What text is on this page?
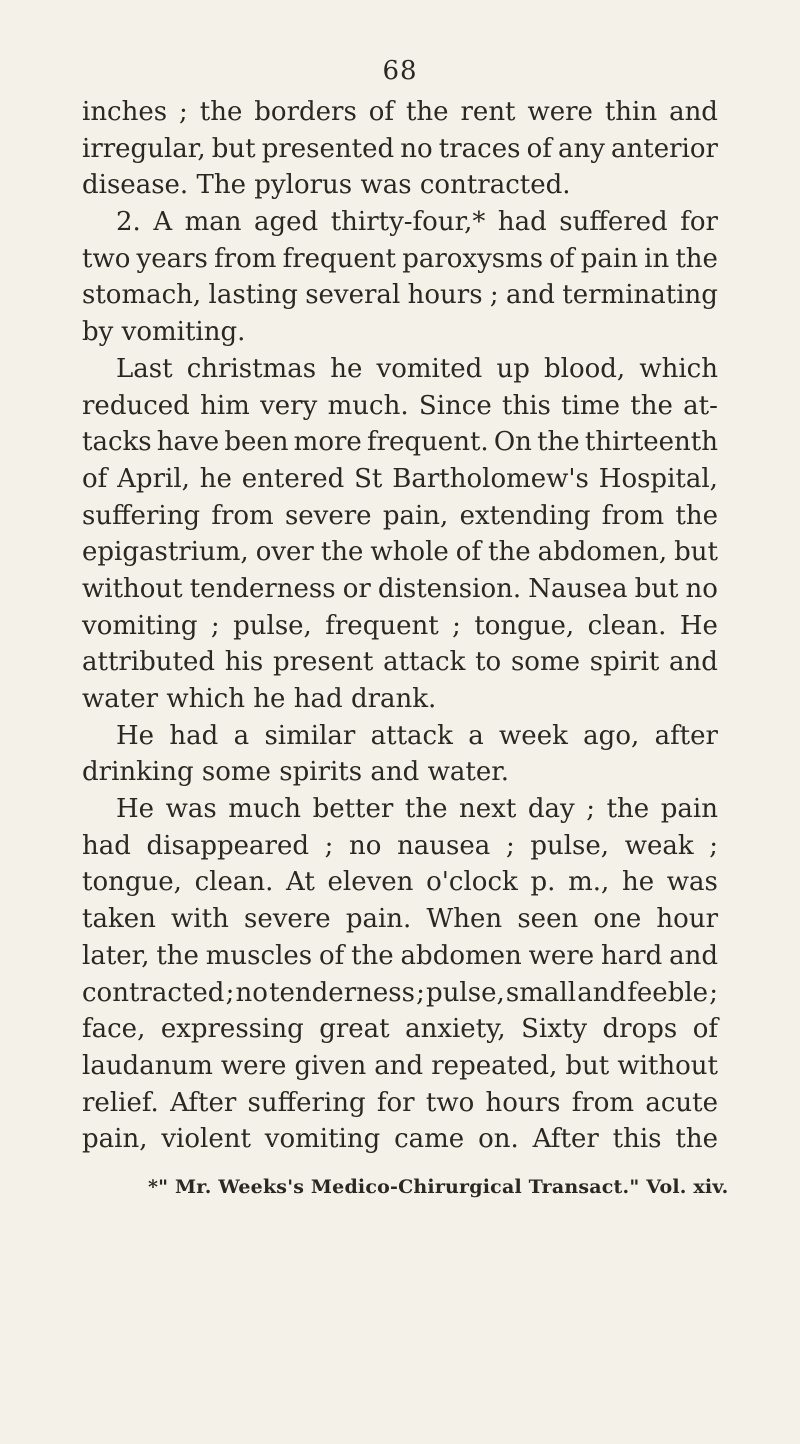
68
inches ; the borders of the rent were thin and
irregular, but presented no traces of any anterior
disease. The pylorus was contracted.
2. A man aged thirty-four,* had suffered for
two years from frequent paroxysms of pain in the
stomach, lasting several hours ; and terminating
by vomiting.
Last christmas he vomited up blood, which
reduced him very much. Since this time the at-
tacks have been more frequent. On the thirteenth
of April, he entered St Bartholomew's Hospital,
suffering from severe pain, extending from the
epigastrium, over the whole of the abdomen, but
without tenderness or distension. Nausea but no
vomiting ; pulse, frequent ; tongue, clean. He
attributed his present attack to some spirit and
water which he had drank.
He had a similar attack a week ago, after
drinking some spirits and water.
He was much better the next day ; the pain
had disappeared ; no nausea ; pulse, weak ;
tongue, clean. At eleven o'clock p. m., he was
taken with severe pain. When seen one hour
later, the muscles of the abdomen were hard and
contracted ; no tenderness ; pulse, small and feeble ;
face, expressing great anxiety, Sixty drops of
laudanum were given and repeated, but without
relief. After suffering for two hours from acute
pain, violent vomiting came on. After this the
*" Mr. Weeks's Medico-Chirurgical Transact." Vol. xiv.
